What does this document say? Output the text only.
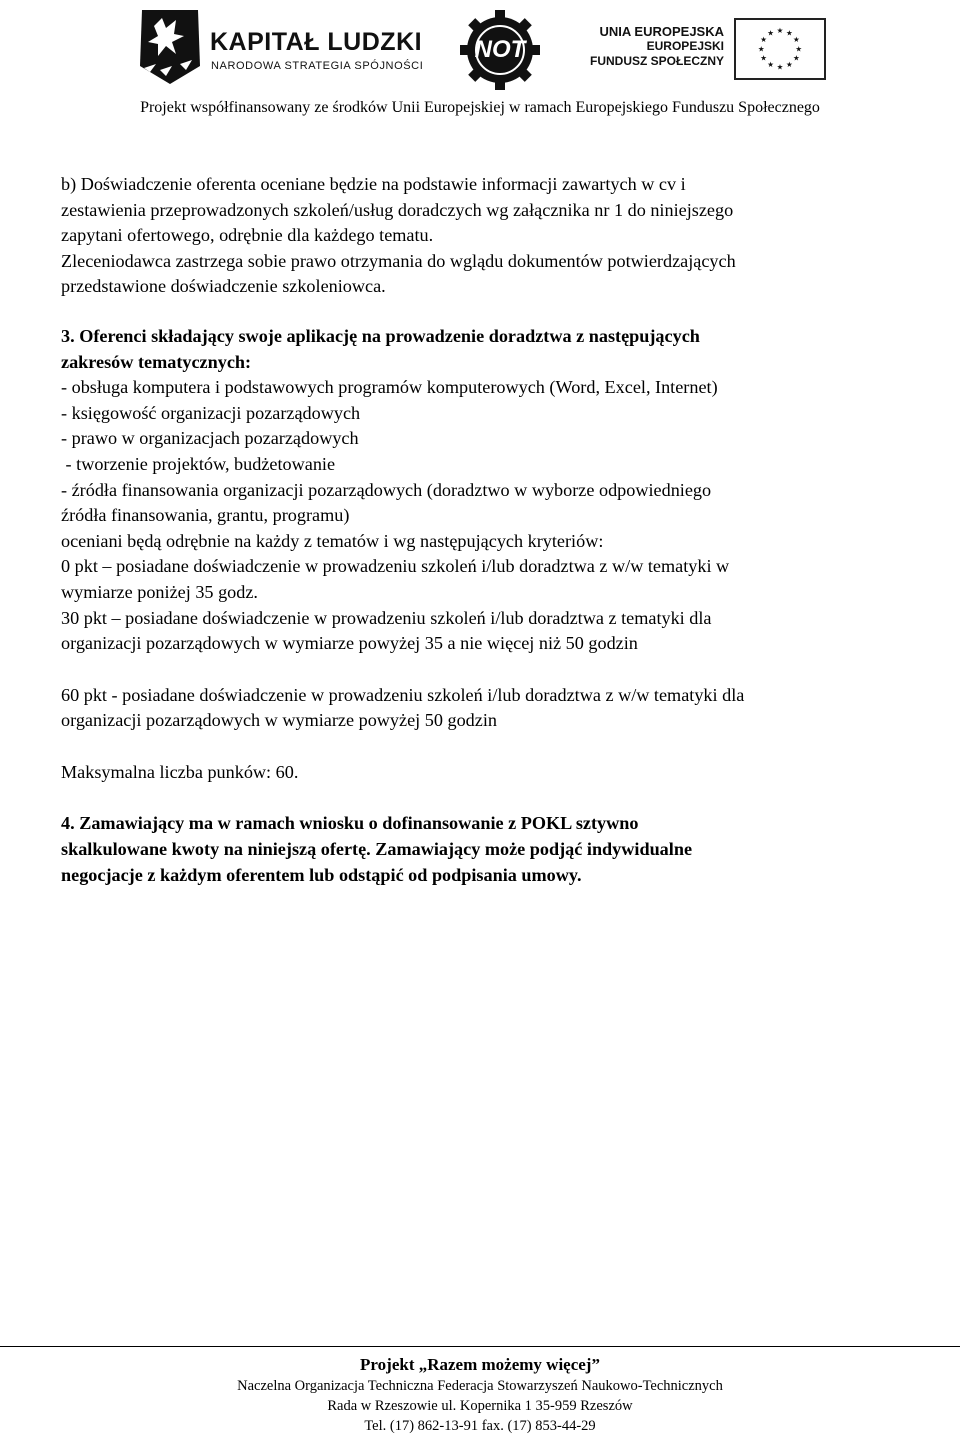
KAPITAŁ LUDZKI
NARODOWA STRATEGIA SPÓJNOŚCI
NOT
UNIA EUROPEJSKA
EUROPEJSKI
FUNDUSZ SPOŁECZNY
★ ★
★
★
★
★
★
★
★
★
★
★
Projekt współfinansowany ze środków Unii Europejskiej w ramach Europejskiego Funduszu Społecznego

b) Doświadczenie oferenta oceniane będzie na podstawie informacji zawartych w cv i

zestawienia przeprowadzonych szkoleń/usług doradczych wg załącznika nr 1 do niniejszego

zapytani ofertowego, odrębnie dla każdego tematu.

Zleceniodawca zastrzega sobie prawo otrzymania do wglądu dokumentów potwierdzających

przedstawione doświadczenie szkoleniowca.

3. Oferenci składający swoje aplikację na prowadzenie doradztwa z następujących

zakresów tematycznych:

- obsługa komputera i podstawowych programów komputerowych (Word, Excel, Internet)

- księgowość organizacji pozarządowych

- prawo w organizacjach pozarządowych

- tworzenie projektów, budżetowanie

- źródła finansowania organizacji pozarządowych (doradztwo w wyborze odpowiedniego

źródła finansowania, grantu, programu)

oceniani będą odrębnie na każdy z tematów i wg następujących kryteriów:

0 pkt – posiadane doświadczenie w prowadzeniu szkoleń i/lub doradztwa z w/w tematyki w

wymiarze poniżej 35 godz.

30 pkt – posiadane doświadczenie w prowadzeniu szkoleń i/lub doradztwa z tematyki dla

organizacji pozarządowych w wymiarze powyżej 35 a nie więcej niż 50 godzin

60 pkt - posiadane doświadczenie w prowadzeniu szkoleń i/lub doradztwa z w/w tematyki dla

organizacji pozarządowych w wymiarze powyżej 50 godzin

Maksymalna liczba punków: 60.

4. Zamawiający ma w ramach wniosku o dofinansowanie z POKL sztywno

skalkulowane kwoty na niniejszą ofertę. Zamawiający może podjąć indywidualne

negocjacje z każdym oferentem lub odstąpić od podpisania umowy.

Projekt „Razem możemy więcej”
Naczelna Organizacja Techniczna Federacja Stowarzyszeń Naukowo-Technicznych
Rada w Rzeszowie ul. Kopernika 1 35-959 Rzeszów
Tel. (17) 862-13-91 fax. (17) 853-44-29
